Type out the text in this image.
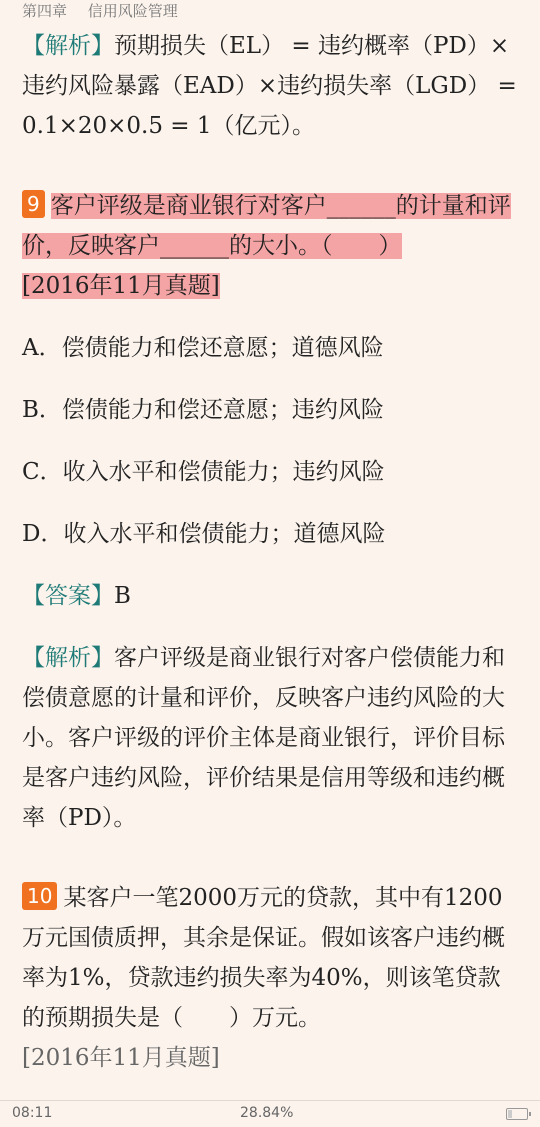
第四章 信用风险管理

【解析】预期损失（EL） = 违约概率（PD）×违约风险暴露（EAD）×违约损失率（LGD） = 0.1×20×0.5 = 1（亿元）。

9 客户评级是商业银行对客户______的计量和评价，反映客户______的大小。（　　）
[2016年11月真题]

A．偿债能力和偿还意愿；道德风险

B．偿债能力和偿还意愿；违约风险

C．收入水平和偿债能力；违约风险

D．收入水平和偿债能力；道德风险

【答案】B

【解析】客户评级是商业银行对客户偿债能力和偿债意愿的计量和评价，反映客户违约风险的大小。客户评级的评价主体是商业银行，评价目标是客户违约风险，评价结果是信用等级和违约概率（PD）。

10 某客户一笔2000万元的贷款，其中有1200万元国债质押，其余是保证。假如该客户违约概率为1%，贷款违约损失率为40%，则该笔贷款的预期损失是（　　）万元。
[2016年11月真题]

08:11	28.84%
